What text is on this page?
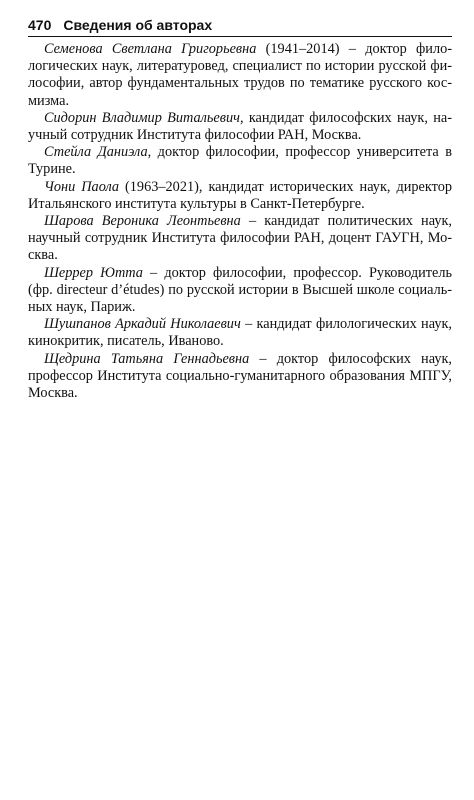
470 Сведения об авторах

Семенова Светлана Григорьевна (1941–2014) – доктор филологических наук, литературовед, специалист по истории русской философии, автор фундаментальных трудов по тематике русского космизма.

Сидорин Владимир Витальевич, кандидат философских наук, научный сотрудник Института философии РАН, Москва.

Стейла Даниэла, доктор философии, профессор университета в Турине.

Чони Паола (1963–2021), кандидат исторических наук, директор Итальянского института культуры в Санкт-Петербурге.

Шарова Вероника Леонтьевна – кандидат политических наук, научный сотрудник Института философии РАН, доцент ГАУГН, Москва.

Шеррер Ютта – доктор философии, профессор. Руководитель (фр. directeur d’études) по русской истории в Высшей школе социальных наук, Париж.

Шушпанов Аркадий Николаевич – кандидат филологических наук, кинокритик, писатель, Иваново.

Щедрина Татьяна Геннадьевна – доктор философских наук, профессор Института социально-гуманитарного образования МПГУ, Москва.
